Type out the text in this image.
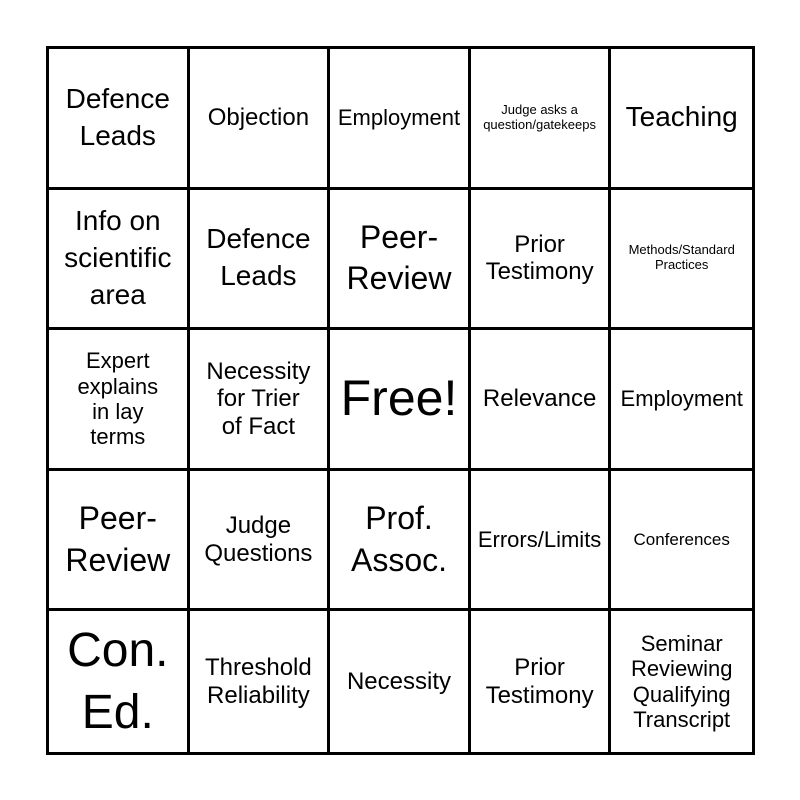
Defence
Leads
Objection Employment	Judge asks a
question/gatekeeps Teaching
Info on
scientific
area
Defence
Leads
Peer-
Review
Prior
Testimony
Methods/Standard
Practices
Expert
explains
in lay
terms
Necessity
for Trier
of Fact
Free! Relevance Employment
Peer-
Review
Judge
Questions
Prof.
Assoc.
Errors/Limits Conferences
Con.
Ed.
Threshold
Reliability
Necessity
Prior
Testimony
Seminar
Reviewing
Qualifying
Transcript
